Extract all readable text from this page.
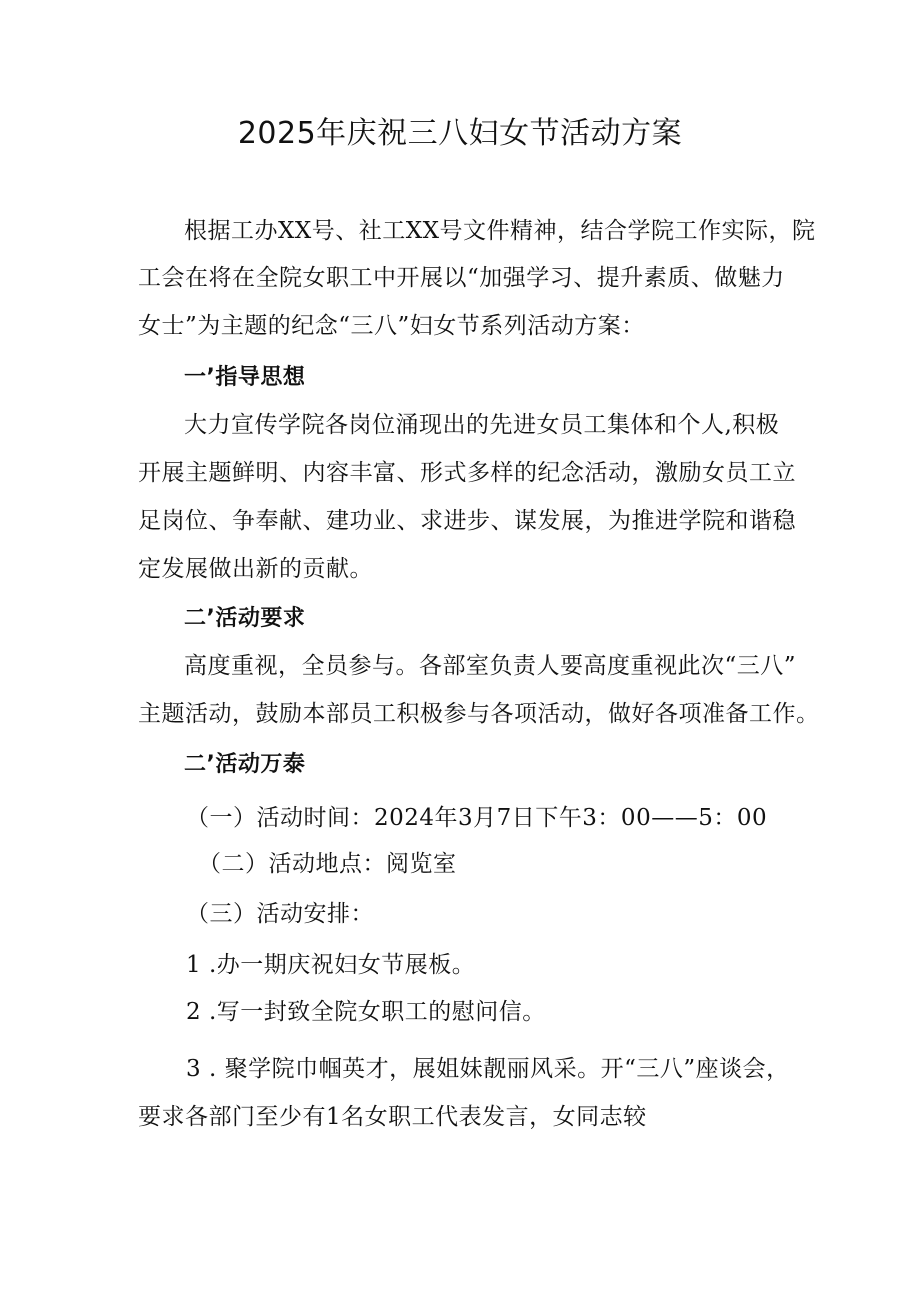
2025年庆祝三八妇女节活动方案
根据工办XX号、社工XX号文件精神，结合学院工作实际，院
工会在将在全院女职工中开展以“加强学习、提升素质、做魅力
女士”为主题的纪念“三八”妇女节系列活动方案：
一’指导思想
大力宣传学院各岗位涌现出的先进女员工集体和个人,积极
开展主题鲜明、内容丰富、形式多样的纪念活动，激励女员工立
足岗位、争奉献、建功业、求进步、谋发展，为推进学院和谐稳
定发展做出新的贡献。
二’活动要求
高度重视，全员参与。各部室负责人要高度重视此次“三八”
主题活动，鼓励本部员工积极参与各项活动，做好各项准备工作。
二’活动万泰
（一）活动时间：2024年3月7日下午3：00——5：00
（二）活动地点：阅览室
（三）活动安排：
1 .办一期庆祝妇女节展板。
2 .写一封致全院女职工的慰问信。
3 . 聚学院巾帼英才，展姐妹靓丽风采。开“三八”座谈会，
要求各部门至少有1名女职工代表发言，女同志较
